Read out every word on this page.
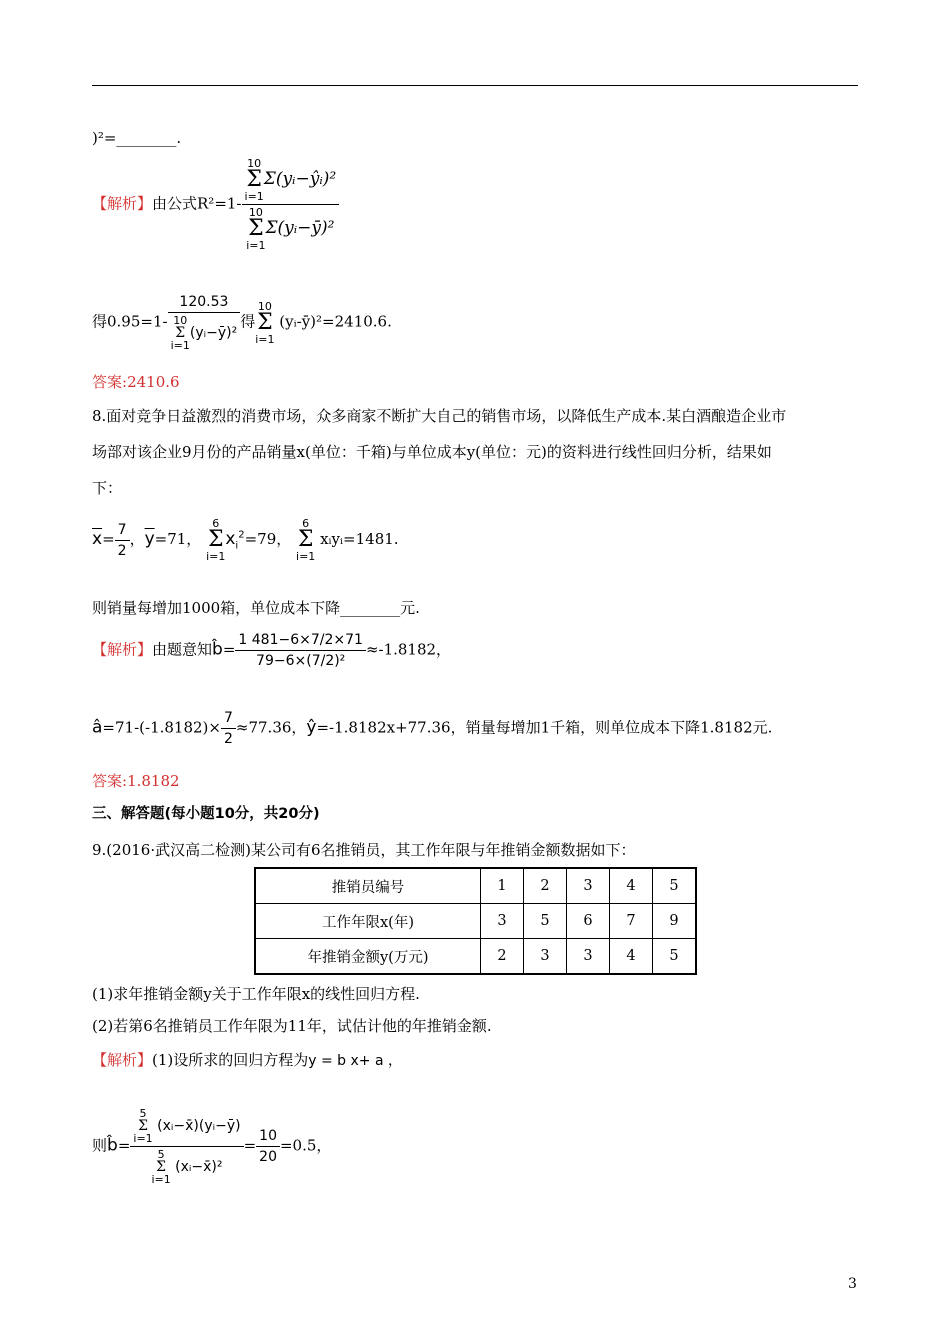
)²=________.
【解析】由公式R²=1- 10
Σ
i=1
Σ(yᵢ−ŷᵢ)²
10
Σ
i=1
Σ(yᵢ−ȳ)²
得0.95=1- 120.53
10
Σ
i=1
(yᵢ−ȳ)² 得
10
Σ
i=1
(yᵢ-ȳ)²=2410.6.
答案:2410.6
8.面对竞争日益激烈的消费市场，众多商家不断扩大自己的销售市场，以降低生产成本.某白酒酿造企业市
场部对该企业9月份的产品销量x(单位：千箱)与单位成本y(单位：元)的资料进行线性回归分析，结果如
下：
$\overline{x}= \frac{7}{2}$ ，$\overline{y}=71$，
6
Σ
i=1
$x_i^2=79$，
6
Σ
i=1
xᵢyᵢ=1481.
则销量每增加1000箱，单位成本下降________元.
【解析】由题意知b̂= $\frac{1 481-6\times 7/2\times 71}{\text{79−6×(7/2)²}} \approx-1.8182$，
â=71-(-1.8182)× $\frac{7}{2} \approx 77.36$，ŷ=-1.8182x+77.36，销量每增加1千箱，则单位成本下降1.8182元.
答案:1.8182
三、解答题(每小题10分，共20分)
9.(2016·武汉高二检测)某公司有6名推销员，其工作年限与年推销金额数据如下：
推销员编号	1	2	3	4	5
工作年限x(年)	3	5	6	7	9
年推销金额y(万元)	2	3	3	4	5
(1)求年推销金额y关于工作年限x的线性回归方程.
(2)若第6名推销员工作年限为11年，试估计他的年推销金额.
【解析】(1)设所求的回归方程为y = b x+ a ，
则b̂= 5
Σ
i=1
(xᵢ−x̄)(yᵢ−ȳ)
5
Σ
i=1
(xᵢ−x̄)² = $\frac{10}{20} =0.5$，
3
